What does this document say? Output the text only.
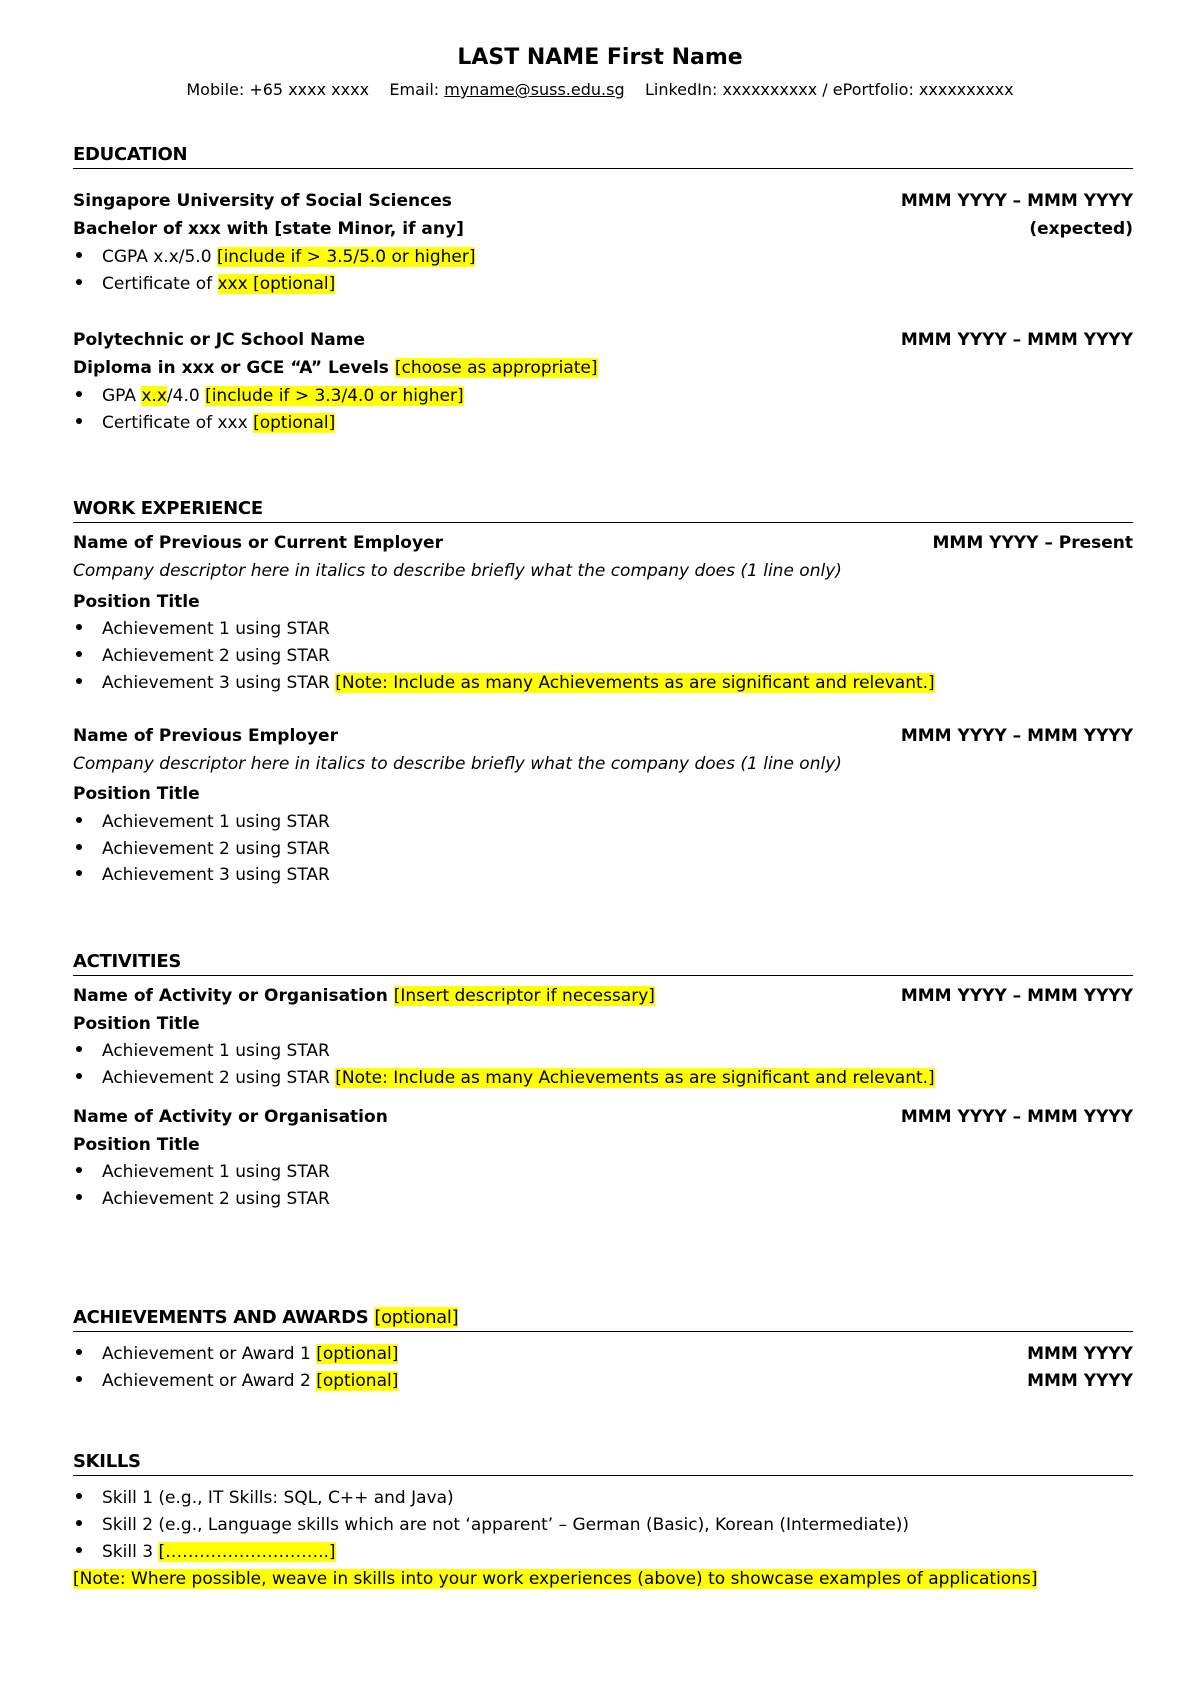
LAST NAME First Name
Mobile: +65 xxxx xxxx Email: myname@suss.edu.sg LinkedIn: xxxxxxxxxx / ePortfolio: xxxxxxxxxx
EDUCATION
Singapore University of Social Sciences	MMM YYYY – MMM YYYY
Bachelor of xxx with [state Minor, if any]	(expected)
CGPA x.x/5.0 [include if > 3.5/5.0 or higher]
Certificate of xxx [optional]
Polytechnic or JC School Name	MMM YYYY – MMM YYYY
Diploma in xxx or GCE “A” Levels [choose as appropriate]
GPA x.x/4.0 [include if > 3.3/4.0 or higher]
Certificate of xxx [optional]
WORK EXPERIENCE
Name of Previous or Current Employer	MMM YYYY – Present
Company descriptor here in italics to describe briefly what the company does (1 line only)
Position Title
Achievement 1 using STAR
Achievement 2 using STAR
Achievement 3 using STAR [Note: Include as many Achievements as are significant and relevant.]
Name of Previous Employer	MMM YYYY – MMM YYYY
Company descriptor here in italics to describe briefly what the company does (1 line only)
Position Title
Achievement 1 using STAR
Achievement 2 using STAR
Achievement 3 using STAR
ACTIVITIES
Name of Activity or Organisation [Insert descriptor if necessary]	MMM YYYY – MMM YYYY
Position Title
Achievement 1 using STAR
Achievement 2 using STAR [Note: Include as many Achievements as are significant and relevant.]
Name of Activity or Organisation	MMM YYYY – MMM YYYY
Position Title
Achievement 1 using STAR
Achievement 2 using STAR
ACHIEVEMENTS AND AWARDS [optional]
Achievement or Award 1 [optional]	MMM YYYY
Achievement or Award 2 [optional]	MMM YYYY
SKILLS
Skill 1 (e.g., IT Skills: SQL, C++ and Java)
Skill 2 (e.g., Language skills which are not ‘apparent’ – German (Basic), Korean (Intermediate))
Skill 3 [………………………..]
[Note: Where possible, weave in skills into your work experiences (above) to showcase examples of applications]
